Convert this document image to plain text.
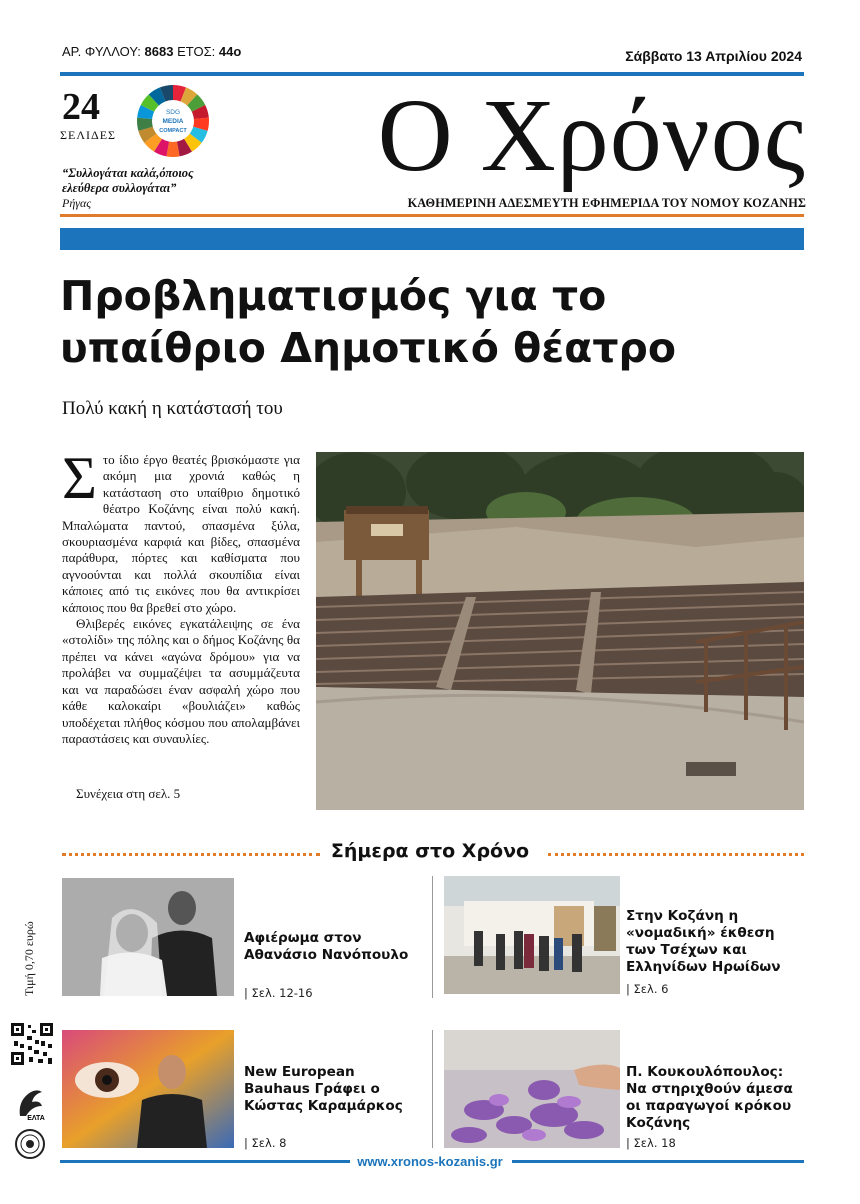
ΑΡ. ΦΥΛΛΟΥ: 8683 ΕΤΟΣ: 44ο	Σάββατο 13 Απριλίου 2024
24
ΣΕΛΙΔΕΣ
SDG
MEDIA
COMPACT
“Συλλογάται καλά,όποιος ελεύθερα συλλογάται”
Ρήγας
Ο Χρόνος
ΚΑΘΗΜΕΡΙΝΗ ΑΔΕΣΜΕΥΤΗ ΕΦΗΜΕΡΙΔΑ ΤΟΥ ΝΟΜΟΥ ΚΟΖΑΝΗΣ
Προβληματισμός για το
υπαίθριο Δημοτικό θέατρο
Πολύ κακή η κατάστασή του

Στο ίδιο έργο θεατές βρισκόμαστε για ακόμη μια χρονιά καθώς η κατάσταση στο υπαίθριο δημοτικό θέατρο Κοζάνης είναι πολύ κακή. Μπαλώματα παντού, σπασμένα ξύλα, σκουριασμένα καρφιά και βίδες, σπασμένα παράθυρα, πόρτες και καθίσματα που αγνοούνται και πολλά σκουπίδια είναι κάποιες από τις εικόνες που θα αντικρίσει κάποιος που θα βρεθεί στο χώρο.

Θλιβερές εικόνες εγκατάλειψης σε ένα «στολίδι» της πόλης και ο δήμος Κοζάνης θα πρέπει να κάνει «αγώνα δρόμου» για να προλάβει να συμμαζέψει τα ασυμμάζευτα και να παραδώσει έναν ασφαλή χώρο που κάθε καλοκαίρι «βουλιάζει» καθώς υποδέχεται πλήθος κόσμου που απολαμβάνει παραστάσεις και συναυλίες.

Συνέχεια στη σελ. 5
Σήμερα στο Χρόνο
Αφιέρωμα στον Αθανάσιο Νανόπουλο
| Σελ. 12-16
Στην Κοζάνη η «νομαδική» έκθεση των Τσέχων και Ελληνίδων Ηρωίδων
| Σελ. 6
New European Bauhaus Γράφει ο Κώστας Καραμάρκος
| Σελ. 8
Π. Κουκουλόπουλος: Να στηριχθούν άμεσα οι παραγωγοί κρόκου Κοζάνης
| Σελ. 18
Τιμή 0,70 ευρώ
ΕΛΤΑ
www.xronos-kozanis.gr
